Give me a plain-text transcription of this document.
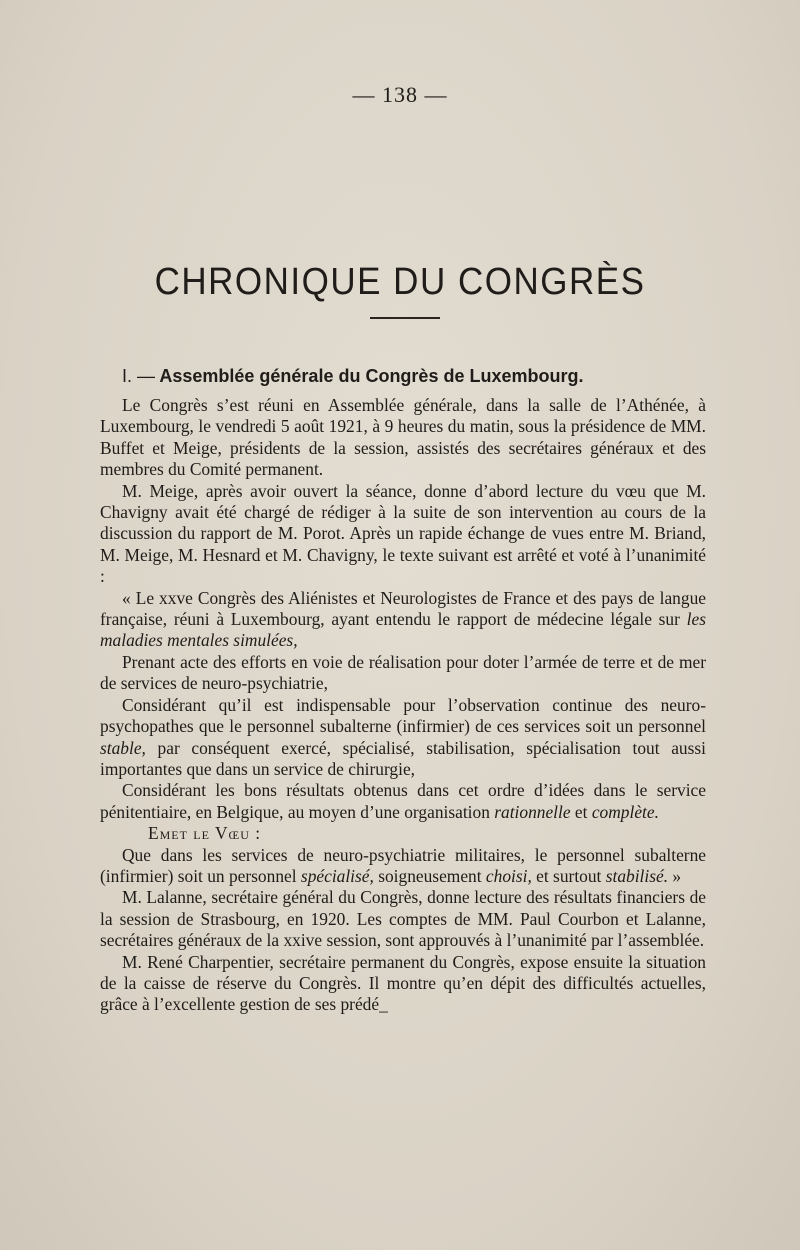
— 138 —
CHRONIQUE DU CONGRÈS
I. — Assemblée générale du Congrès de Luxembourg.

Le Congrès s’est réuni en Assemblée générale, dans la salle de l’Athénée, à Luxembourg, le vendredi 5 août 1921, à 9 heures du matin, sous la présidence de MM. Buffet et Meige, présidents de la session, assistés des secrétaires généraux et des membres du Comité permanent.

M. Meige, après avoir ouvert la séance, donne d’abord lecture du vœu que M. Chavigny avait été chargé de rédiger à la suite de son intervention au cours de la discussion du rapport de M. Porot. Après un rapide échange de vues entre M. Briand, M. Meige, M. Hesnard et M. Chavigny, le texte suivant est arrêté et voté à l’unanimité :

« Le xxve Congrès des Aliénistes et Neurologistes de France et des pays de langue française, réuni à Luxembourg, ayant entendu le rapport de médecine légale sur les maladies mentales simulées,

Prenant acte des efforts en voie de réalisation pour doter l’armée de terre et de mer de services de neuro-psychiatrie,

Considérant qu’il est indispensable pour l’observation continue des neuro-psychopathes que le personnel subalterne (infirmier) de ces services soit un personnel stable, par conséquent exercé, spécialisé, stabilisation, spécialisation tout aussi importantes que dans un service de chirurgie,

Considérant les bons résultats obtenus dans cet ordre d’idées dans le service pénitentiaire, en Belgique, au moyen d’une organisation rationnelle et complète.

Emet le Vœu :

Que dans les services de neuro-psychiatrie militaires, le personnel subalterne (infirmier) soit un personnel spécialisé, soigneusement choisi, et surtout stabilisé. »

M. Lalanne, secrétaire général du Congrès, donne lecture des résultats financiers de la session de Strasbourg, en 1920. Les comptes de MM. Paul Courbon et Lalanne, secrétaires généraux de la xxive session, sont approuvés à l’unanimité par l’assemblée.

M. René Charpentier, secrétaire permanent du Congrès, expose ensuite la situation de la caisse de réserve du Congrès. Il montre qu’en dépit des difficultés actuelles, grâce à l’excellente gestion de ses prédé_
